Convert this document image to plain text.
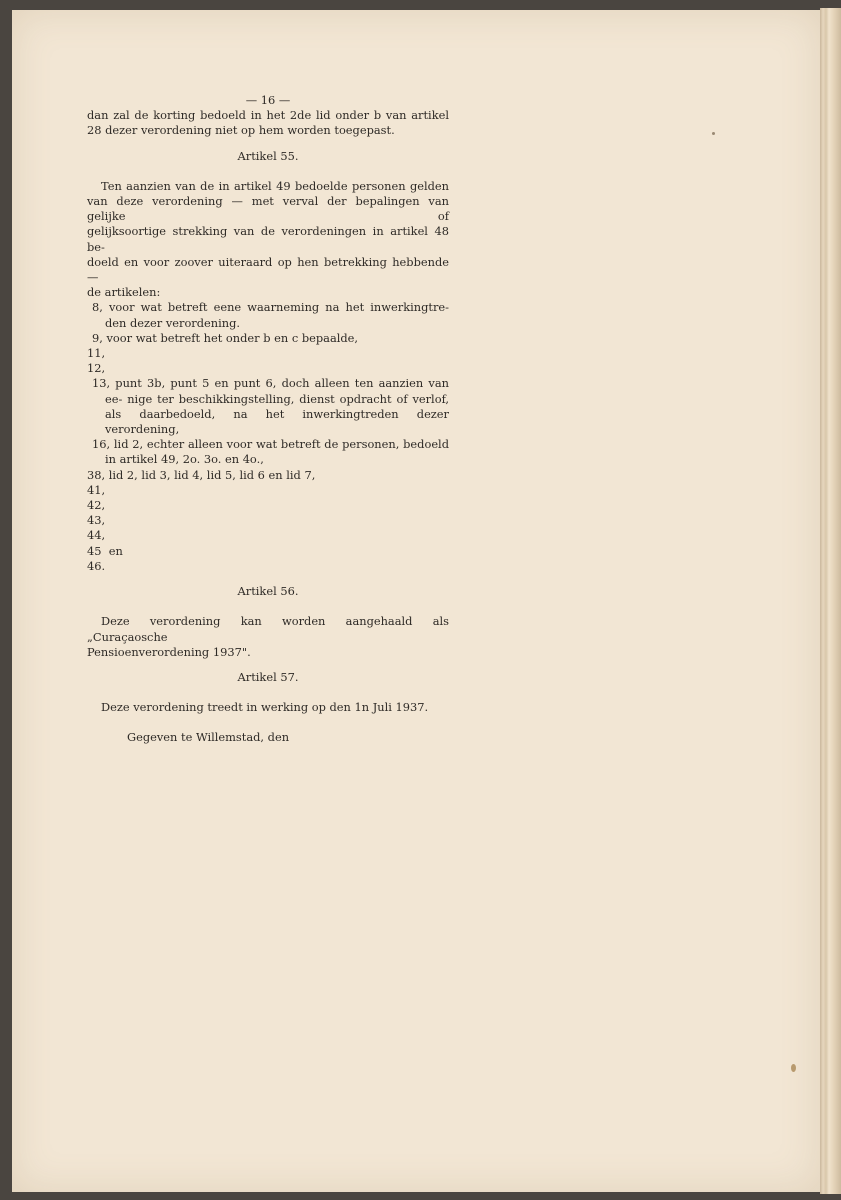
— 16 —

dan zal de korting bedoeld in het 2de lid onder b van artikel

28 dezer verordening niet op hem worden toegepast.

Artikel 55.

Ten aanzien van de in artikel 49 bedoelde personen gelden

van deze verordening — met verval der bepalingen van gelijke of

gelijksoortige strekking van de verordeningen in artikel 48 be-

doeld en voor zoover uiteraard op hen betrekking hebbende —

de artikelen:

8, voor wat betreft eene waarneming na het inwerkingtre- den dezer verordening.

9, voor wat betreft het onder b en c bepaalde,

11,

12,

13, punt 3b, punt 5 en punt 6, doch alleen ten aanzien van ee- nige ter beschikkingstelling, dienst opdracht of verlof, als daarbedoeld, na het inwerkingtreden dezer verordening,

16, lid 2, echter alleen voor wat betreft de personen, bedoeld in artikel 49, 2o. 3o. en 4o.,

38, lid 2, lid 3, lid 4, lid 5, lid 6 en lid 7,

41,

42,

43,

44,

45  en

46.

Artikel 56.

Deze verordening kan worden aangehaald als „Curaçaosche

Pensioenverordening 1937".

Artikel 57.

Deze verordening treedt in werking op den 1n Juli 1937.

Gegeven te Willemstad, den
